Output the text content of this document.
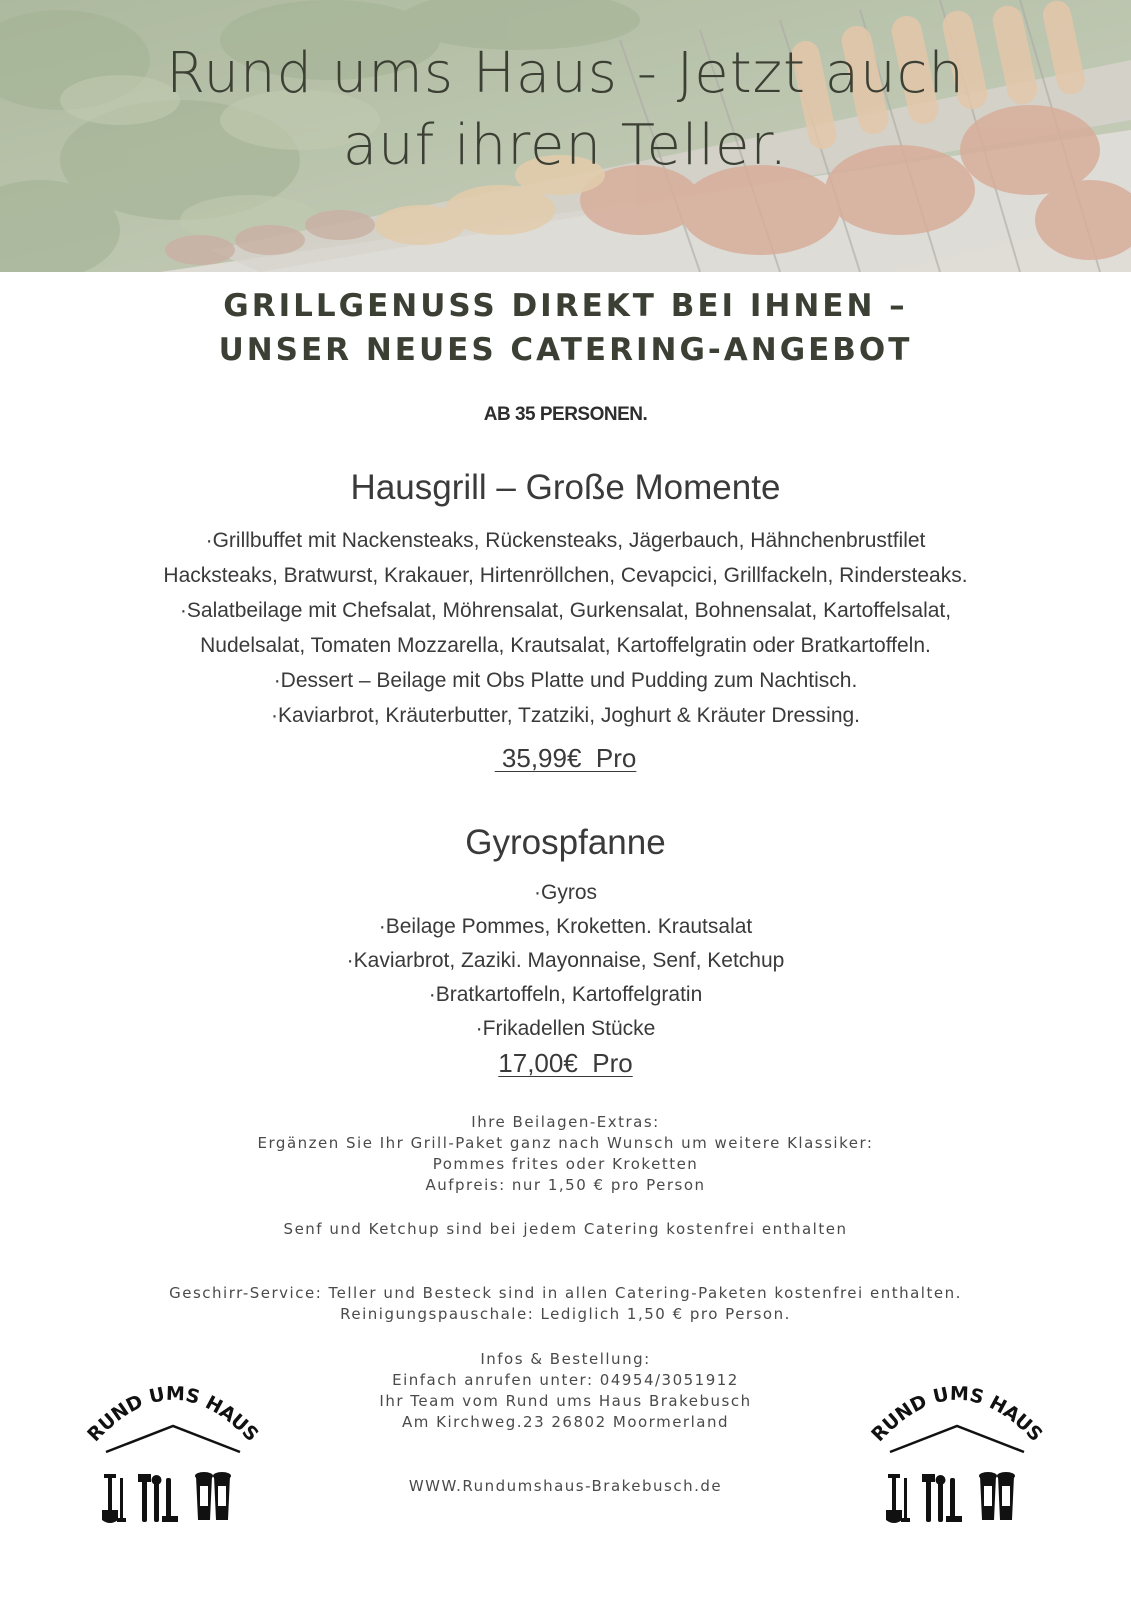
Rund ums Haus - Jetzt auch
auf ihren Teller.
GRILLGENUSS DIREKT BEI IHNEN –
UNSER NEUES CATERING-ANGEBOT
AB 35 PERSONEN.
Hausgrill – Große Momente
·Grillbuffet mit Nackensteaks, Rückensteaks, Jägerbauch, Hähnchenbrustfilet
Hacksteaks, Bratwurst, Krakauer, Hirtenröllchen, Cevapcici, Grillfackeln, Rindersteaks.
·Salatbeilage mit Chefsalat, Möhrensalat, Gurkensalat, Bohnensalat, Kartoffelsalat,
Nudelsalat, Tomaten Mozzarella, Krautsalat, Kartoffelgratin oder Bratkartoffeln.
·Dessert – Beilage mit Obs Platte und Pudding zum Nachtisch.
·Kaviarbrot, Kräuterbutter, Tzatziki, Joghurt & Kräuter Dressing.
35,99€  Pro
Gyrospfanne
·Gyros
·Beilage Pommes, Kroketten. Krautsalat
·Kaviarbrot, Zaziki. Mayonnaise, Senf, Ketchup
·Bratkartoffeln, Kartoffelgratin
·Frikadellen Stücke
17,00€  Pro
Ihre Beilagen-Extras:
Ergänzen Sie Ihr Grill-Paket ganz nach Wunsch um weitere Klassiker:
Pommes frites oder Kroketten
Aufpreis: nur 1,50 € pro Person
Senf und Ketchup sind bei jedem Catering kostenfrei enthalten
Geschirr-Service: Teller und Besteck sind in allen Catering-Paketen kostenfrei enthalten.
Reinigungspauschale: Lediglich 1,50 € pro Person.
Infos & Bestellung:
Einfach anrufen unter: 04954/3051912
Ihr Team vom Rund ums Haus Brakebusch
Am Kirchweg.23 26802 Moormerland
WWW.Rundumshaus-Brakebusch.de
RUND UMS HAUS	RUND UMS HAUS
